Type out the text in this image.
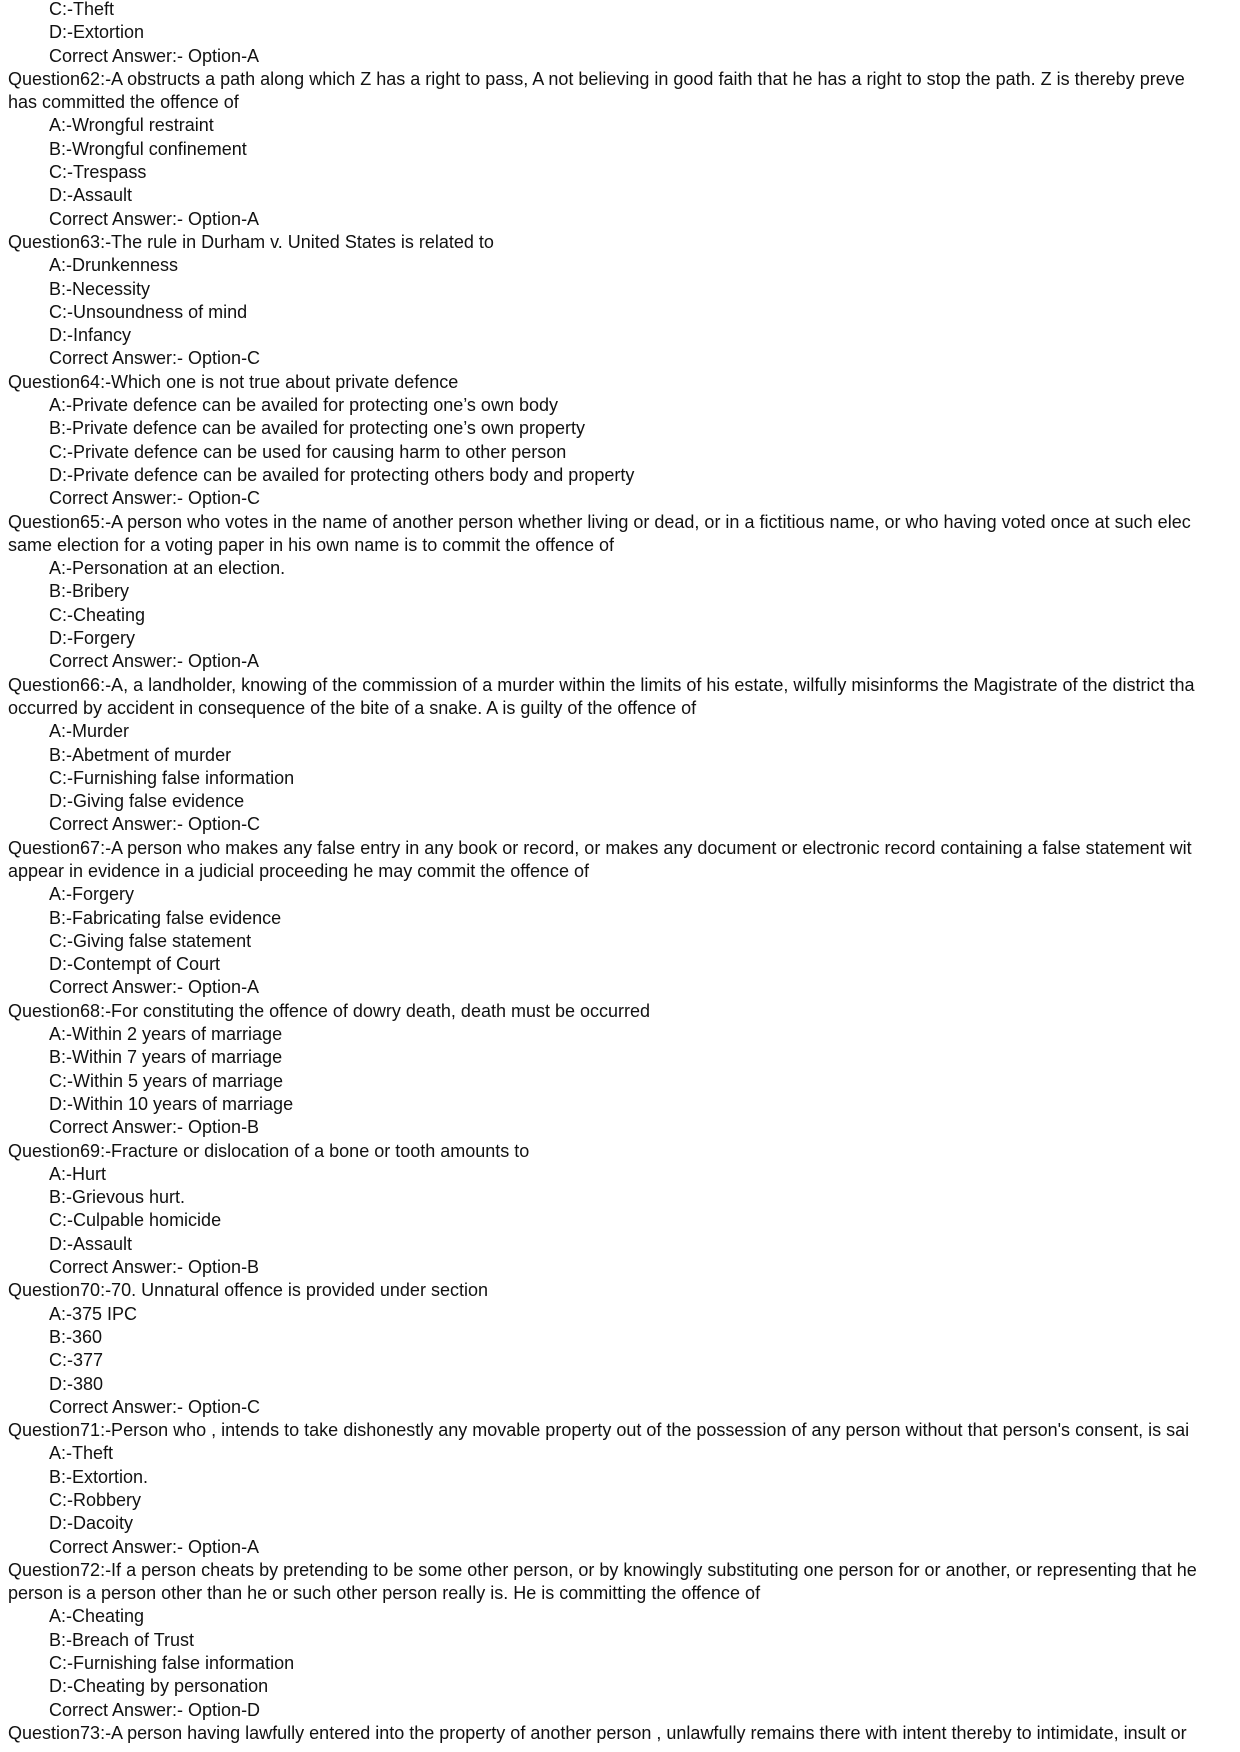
C:-Theft
D:-Extortion
Correct Answer:- Option-A
Question62:-A obstructs a path along which Z has a right to pass, A not believing in good faith that he has a right to stop the path. Z is thereby preve
has committed the offence of
A:-Wrongful restraint
B:-Wrongful confinement
C:-Trespass
D:-Assault
Correct Answer:- Option-A
Question63:-The rule in Durham v. United States is related to
A:-Drunkenness
B:-Necessity
C:-Unsoundness of mind
D:-Infancy
Correct Answer:- Option-C
Question64:-Which one is not true about private defence
A:-Private defence can be availed for protecting one’s own body
B:-Private defence can be availed for protecting one’s own property
C:-Private defence can be used for causing harm to other person
D:-Private defence can be availed for protecting others body and property
Correct Answer:- Option-C
Question65:-A person who votes in the name of another person whether living or dead, or in a fictitious name, or who having voted once at such elec
same election for a voting paper in his own name is to commit the offence of
A:-Personation at an election.
B:-Bribery
C:-Cheating
D:-Forgery
Correct Answer:- Option-A
Question66:-A, a landholder, knowing of the commission of a murder within the limits of his estate, wilfully misinforms the Magistrate of the district tha
occurred by accident in consequence of the bite of a snake. A is guilty of the offence of
A:-Murder
B:-Abetment of murder
C:-Furnishing false information
D:-Giving false evidence
Correct Answer:- Option-C
Question67:-A person who makes any false entry in any book or record, or makes any document or electronic record containing a false statement wit
appear in evidence in a judicial proceeding he may commit the offence of
A:-Forgery
B:-Fabricating false evidence
C:-Giving false statement
D:-Contempt of Court
Correct Answer:- Option-A
Question68:-For constituting the offence of dowry death, death must be occurred
A:-Within 2 years of marriage
B:-Within 7 years of marriage
C:-Within 5 years of marriage
D:-Within 10 years of marriage
Correct Answer:- Option-B
Question69:-Fracture or dislocation of a bone or tooth amounts to
A:-Hurt
B:-Grievous hurt.
C:-Culpable homicide
D:-Assault
Correct Answer:- Option-B
Question70:-70. Unnatural offence is provided under section
A:-375 IPC
B:-360
C:-377
D:-380
Correct Answer:- Option-C
Question71:-Person who , intends to take dishonestly any movable property out of the possession of any person without that person's consent, is sai
A:-Theft
B:-Extortion.
C:-Robbery
D:-Dacoity
Correct Answer:- Option-A
Question72:-If a person cheats by pretending to be some other person, or by knowingly substituting one person for or another, or representing that he
person is a person other than he or such other person really is. He is committing the offence of
A:-Cheating
B:-Breach of Trust
C:-Furnishing false information
D:-Cheating by personation
Correct Answer:- Option-D
Question73:-A person having lawfully entered into the property of another person , unlawfully remains there with intent thereby to intimidate, insult or
